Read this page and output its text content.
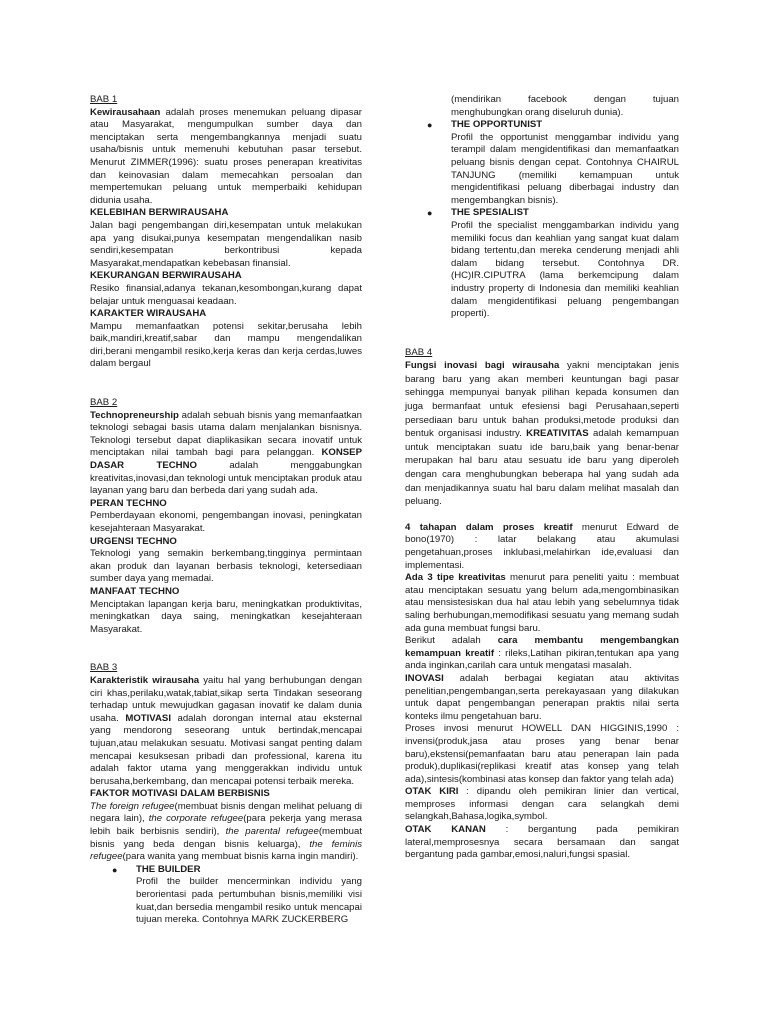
BAB 1

Kewirausahaan adalah proses menemukan peluang dipasar atau Masyarakat, mengumpulkan sumber daya dan menciptakan serta mengembangkannya menjadi suatu usaha/bisnis untuk memenuhi kebutuhan pasar tersebut. Menurut ZIMMER(1996): suatu proses penerapan kreativitas dan keinovasian dalam memecahkan persoalan dan mempertemukan peluang untuk memperbaiki kehidupan didunia usaha.

KELEBIHAN BERWIRAUSAHA

Jalan bagi pengembangan diri,kesempatan untuk melakukan apa yang disukai,punya kesempatan mengendalikan nasib sendiri,kesempatan berkontribusi kepada Masyarakat,mendapatkan kebebasan finansial.

KEKURANGAN BERWIRAUSAHA

Resiko finansial,adanya tekanan,kesombongan,kurang dapat belajar untuk menguasai keadaan.

KARAKTER WIRAUSAHA

Mampu memanfaatkan potensi sekitar,berusaha lebih baik,mandiri,kreatif,sabar dan mampu mengendalikan diri,berani mengambil resiko,kerja keras dan kerja cerdas,luwes dalam bergaul

BAB 2

Technopreneurship adalah sebuah bisnis yang memanfaatkan teknologi sebagai basis utama dalam menjalankan bisnisnya. Teknologi tersebut dapat diaplikasikan secara inovatif untuk menciptakan nilai tambah bagi para pelanggan. KONSEP DASAR TECHNO adalah menggabungkan kreativitas,inovasi,dan teknologi untuk menciptakan produk atau layanan yang baru dan berbeda dari yang sudah ada.

PERAN TECHNO

Pemberdayaan ekonomi, pengembangan inovasi, peningkatan kesejahteraan Masyarakat.

URGENSI TECHNO

Teknologi yang semakin berkembang,tingginya permintaan akan produk dan layanan berbasis teknologi, ketersediaan sumber daya yang memadai.

MANFAAT TECHNO

Menciptakan lapangan kerja baru, meningkatkan produktivitas, meningkatkan daya saing, meningkatkan kesejahteraan Masyarakat.

BAB 3

Karakteristik wirausaha yaitu hal yang berhubungan dengan ciri khas,perilaku,watak,tabiat,sikap serta Tindakan seseorang terhadap untuk mewujudkan gagasan inovatif ke dalam dunia usaha. MOTIVASI adalah dorongan internal atau eksternal yang mendorong seseorang untuk bertindak,mencapai tujuan,atau melakukan sesuatu. Motivasi sangat penting dalam mencapai kesuksesan pribadi dan professional, karena itu adalah faktor utama yang menggerakkan individu untuk berusaha,berkembang, dan mencapai potensi terbaik mereka.

FAKTOR MOTIVASI DALAM BERBISNIS

The foreign refugee(membuat bisnis dengan melihat peluang di negara lain), the corporate refugee(para pekerja yang merasa lebih baik berbisnis sendiri), the parental refugee(membuat bisnis yang beda dengan bisnis keluarga), the feminis refugee(para wanita yang membuat bisnis karna ingin mandiri).

● THE BUILDER

Profil the builder mencerminkan individu yang berorientasi pada pertumbuhan bisnis,memiliki visi kuat,dan bersedia mengambil resiko untuk mencapai tujuan mereka. Contohnya MARK ZUCKERBERG

(mendirikan facebook dengan tujuan menghubungkan orang diseluruh dunia).

● THE OPPORTUNIST

Profil the opportunist menggambar individu yang terampil dalam mengidentifikasi dan memanfaatkan peluang bisnis dengan cepat. Contohnya CHAIRUL TANJUNG (memiliki kemampuan untuk mengidentifikasi peluang diberbagai industry dan mengembangkan bisnis).

● THE SPESIALIST

Profil the specialist menggambarkan individu yang memiliki focus dan keahlian yang sangat kuat dalam bidang tertentu,dan mereka cenderung menjadi ahli dalam bidang tersebut. Contohnya DR.(HC)IR.CIPUTRA (lama berkemcipung dalam industry property di Indonesia dan memiliki keahlian dalam mengidentifikasi peluang pengembangan properti).

BAB 4

Fungsi inovasi bagi wirausaha yakni menciptakan jenis barang baru yang akan memberi keuntungan bagi pasar sehingga mempunyai banyak pilihan kepada konsumen dan juga bermanfaat untuk efesiensi bagi Perusahaan,seperti persediaan baru untuk bahan produksi,metode produksi dan bentuk organisasi industry. KREATIVITAS adalah kemampuan untuk menciptakan suatu ide baru,baik yang benar-benar merupakan hal baru atau sesuatu ide baru yang diperoleh dengan cara menghubungkan beberapa hal yang sudah ada dan menjadikannya suatu hal baru dalam melihat masalah dan peluang.

4 tahapan dalam proses kreatif menurut Edward de bono(1970) : latar belakang atau akumulasi pengetahuan,proses inklubasi,melahirkan ide,evaluasi dan implementasi.

Ada 3 tipe kreativitas menurut para peneliti yaitu : membuat atau menciptakan sesuatu yang belum ada,mengombinasikan atau mensistesiskan dua hal atau lebih yang sebelumnya tidak saling berhubungan,memodifikasi sesuatu yang memang sudah ada guna membuat fungsi baru.

Berikut adalah cara membantu mengembangkan kemampuan kreatif : rileks,Latihan pikiran,tentukan apa yang anda inginkan,carilah cara untuk mengatasi masalah.

INOVASI adalah berbagai kegiatan atau aktivitas penelitian,pengembangan,serta perekayasaan yang dilakukan untuk dapat pengembangan penerapan praktis nilai serta konteks ilmu pengetahuan baru.

Proses invosi menurut HOWELL DAN HIGGINIS,1990 : invensi(produk,jasa atau proses yang benar benar baru),ekstensi(pemanfaatan baru atau penerapan lain pada produk),duplikasi(replikasi kreatif atas konsep yang telah ada),sintesis(kombinasi atas konsep dan faktor yang telah ada)

OTAK KIRI : dipandu oleh pemikiran linier dan vertical, memproses informasi dengan cara selangkah demi selangkah,Bahasa,logika,symbol.

OTAK KANAN : bergantung pada pemikiran lateral,memprosesnya secara bersamaan dan sangat bergantung pada gambar,emosi,naluri,fungsi spasial.
